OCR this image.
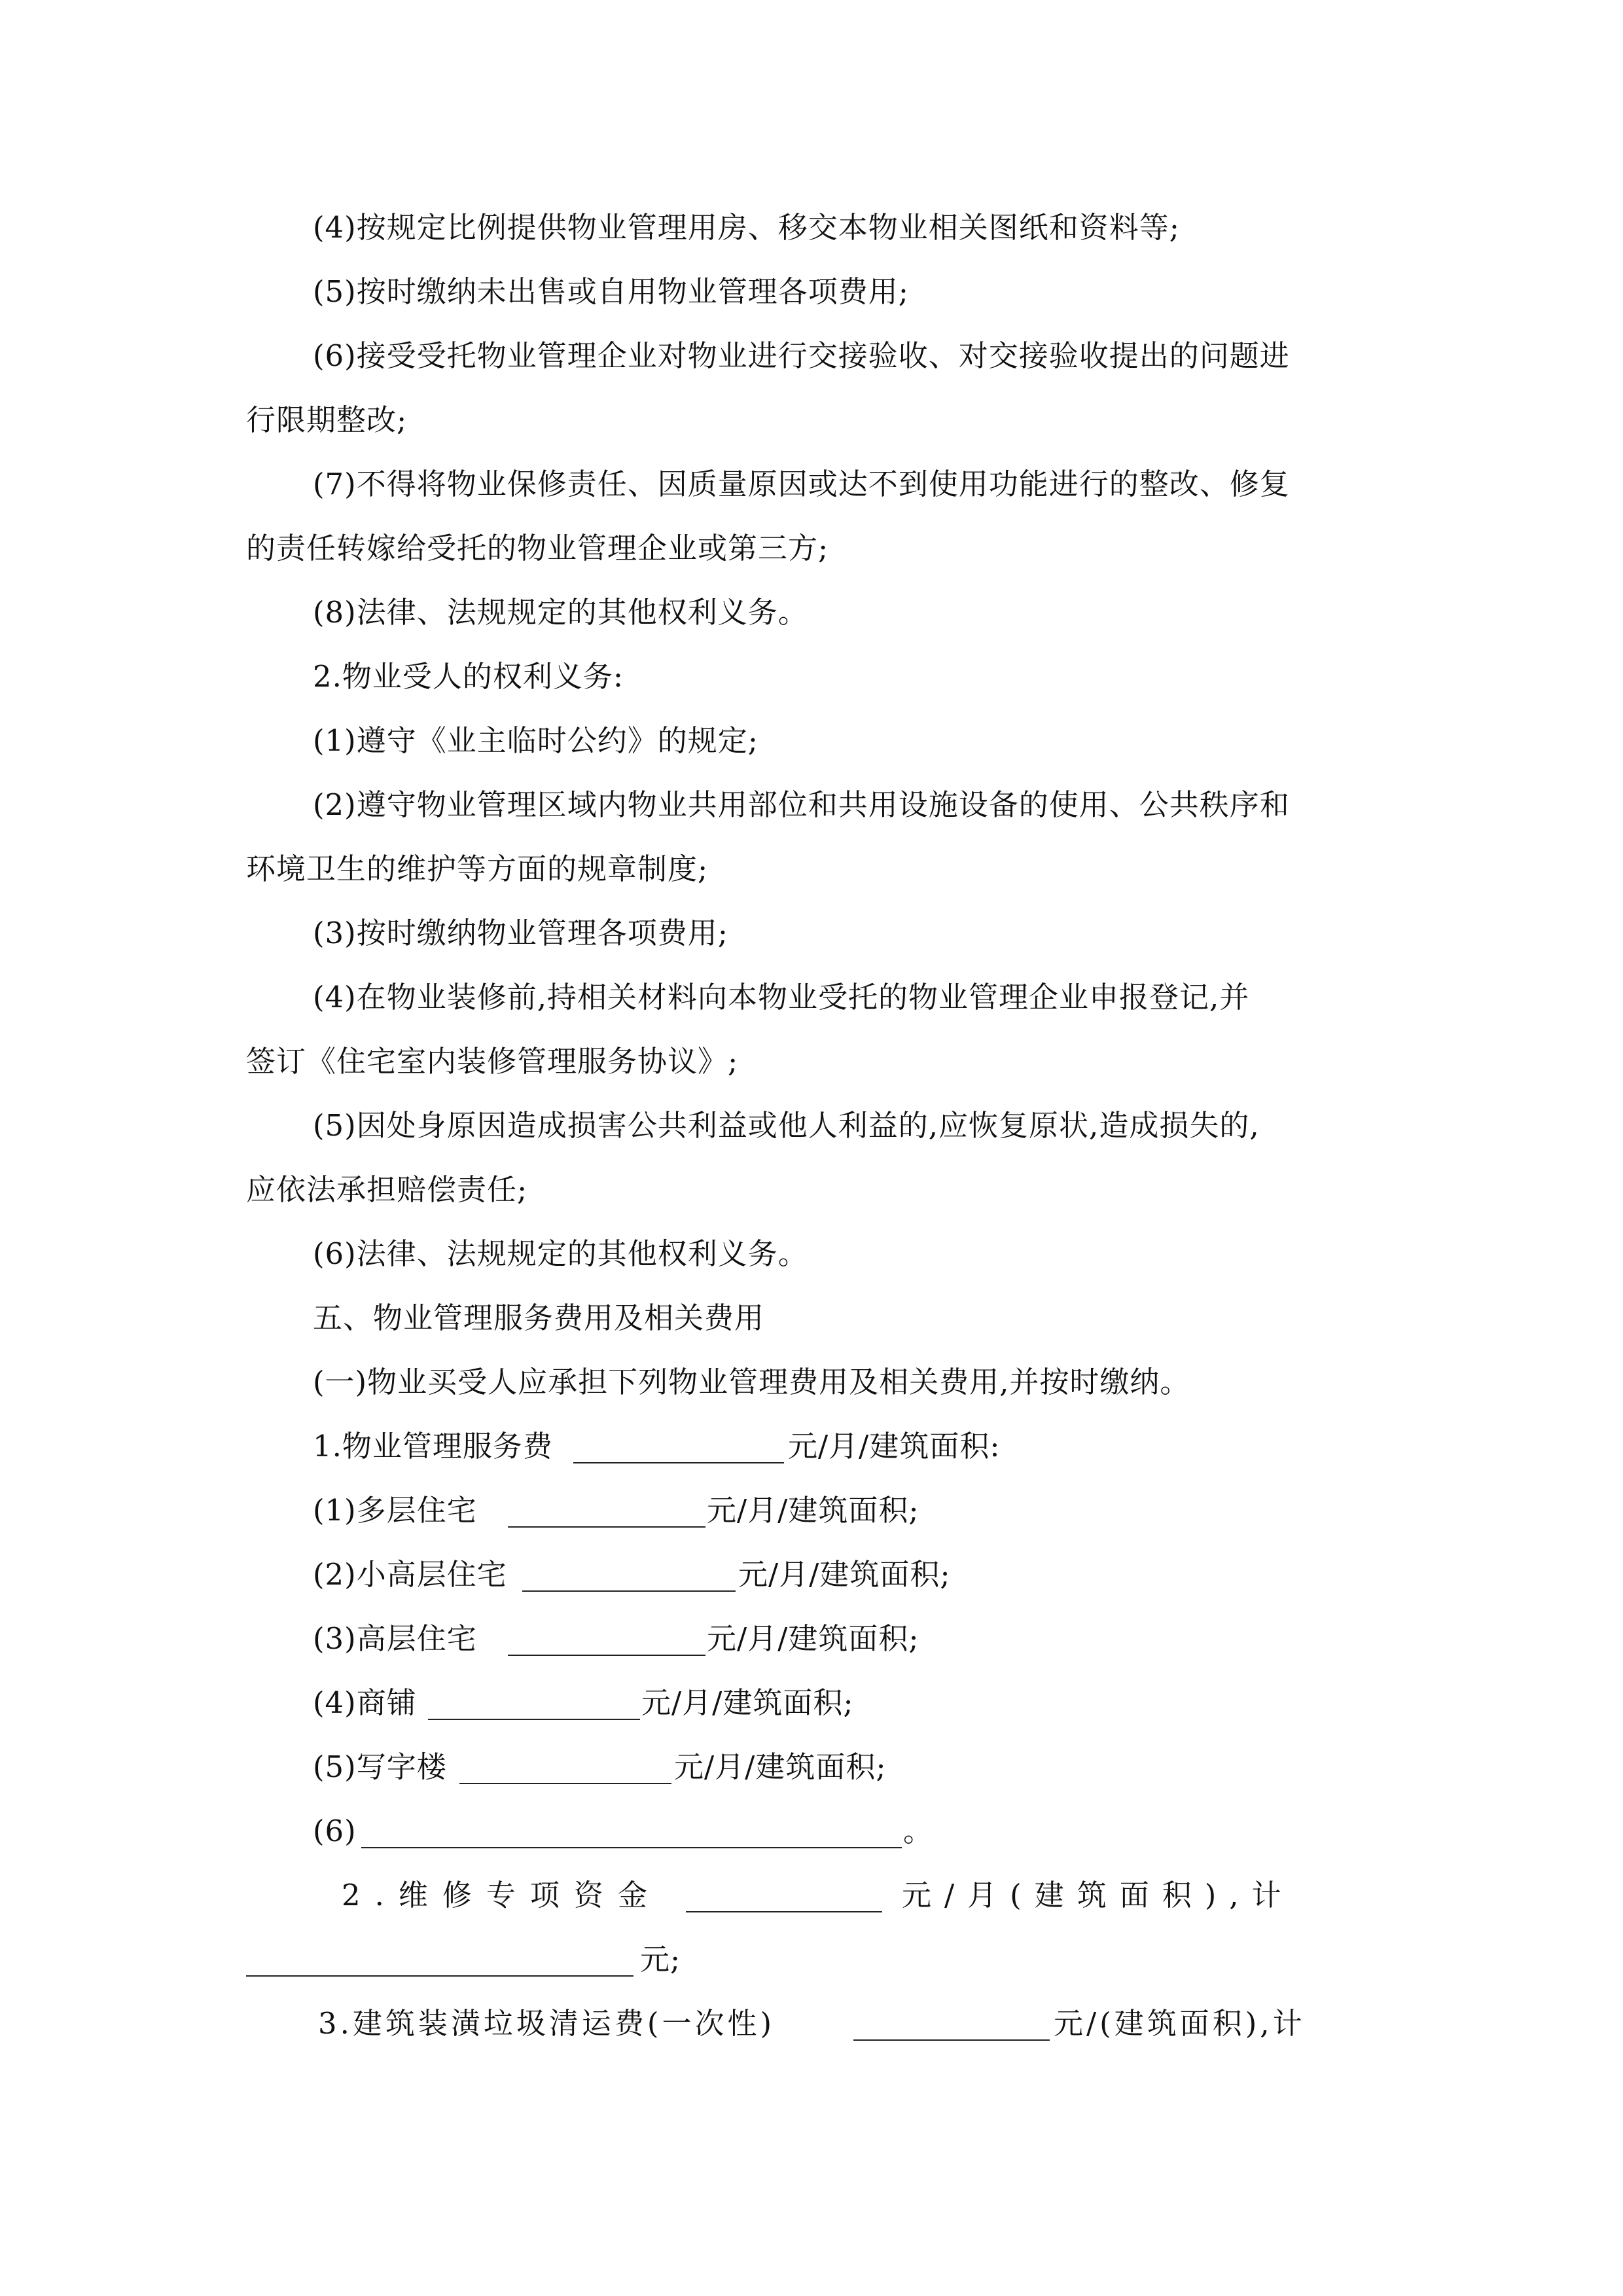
(4)按规定比例提供物业管理用房、移交本物业相关图纸和资料等;
(5)按时缴纳未出售或自用物业管理各项费用;
(6)接受受托物业管理企业对物业进行交接验收、对交接验收提出的问题进
行限期整改;
(7)不得将物业保修责任、因质量原因或达不到使用功能进行的整改、修复
的责任转嫁给受托的物业管理企业或第三方;
(8)法律、法规规定的其他权利义务。
2.物业受人的权利义务:
(1)遵守《业主临时公约》的规定;
(2)遵守物业管理区域内物业共用部位和共用设施设备的使用、公共秩序和
环境卫生的维护等方面的规章制度;
(3)按时缴纳物业管理各项费用;
(4)在物业装修前,持相关材料向本物业受托的物业管理企业申报登记,并
签订《住宅室内装修管理服务协议》;
(5)因处身原因造成损害公共利益或他人利益的,应恢复原状,造成损失的,
应依法承担赔偿责任;
(6)法律、法规规定的其他权利义务。
五、物业管理服务费用及相关费用
(一)物业买受人应承担下列物业管理费用及相关费用,并按时缴纳。
1.物业管理服务费	元/月/建筑面积:
(1)多层住宅	元/月/建筑面积;
(2)小高层住宅	元/月/建筑面积;
(3)高层住宅	元/月/建筑面积;
(4)商铺	元/月/建筑面积;
(5)写字楼	元/月/建筑面积;
(6)	。
2.维修专项资金	元/月(建筑面积),计
元;
3.建筑装潢垃圾清运费(一次性)	元/(建筑面积),计
